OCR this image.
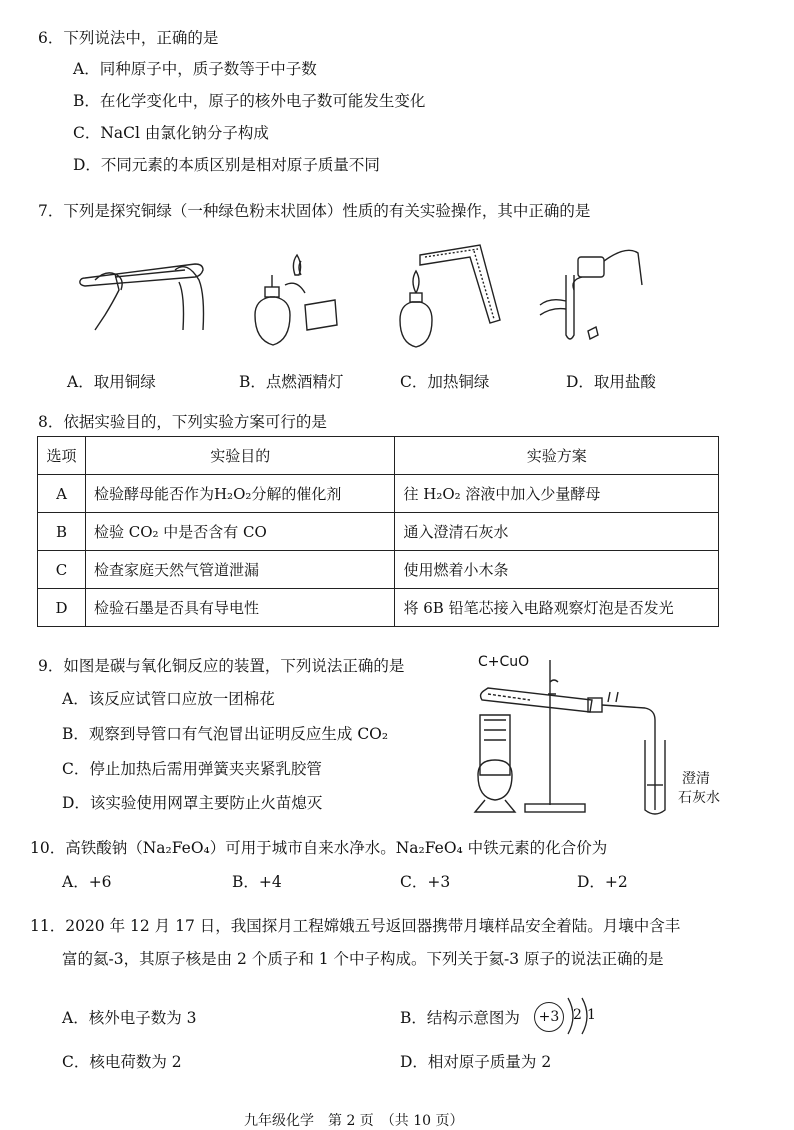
6．下列说法中，正确的是
A．同种原子中，质子数等于中子数
B．在化学变化中，原子的核外电子数可能发生变化
C．NaCl 由氯化钠分子构成
D．不同元素的本质区别是相对原子质量不同
7．下列是探究铜绿（一种绿色粉末状固体）性质的有关实验操作，其中正确的是
A．取用铜绿	B．点燃酒精灯	C．加热铜绿	D．取用盐酸
8．依据实验目的，下列实验方案可行的是
选项	实验目的	实验方案
A	检验酵母能否作为H₂O₂分解的催化剂	往 H₂O₂ 溶液中加入少量酵母
B	检验 CO₂ 中是否含有 CO	通入澄清石灰水
C	检查家庭天然气管道泄漏	使用燃着小木条
D	检验石墨是否具有导电性	将 6B 铅笔芯接入电路观察灯泡是否发光
9．如图是碳与氧化铜反应的装置，下列说法正确的是
A．该反应试管口应放一团棉花
B．观察到导管口有气泡冒出证明反应生成 CO₂
C．停止加热后需用弹簧夹夹紧乳胶管
D．该实验使用网罩主要防止火苗熄灭
C+CuO
澄清
石灰水
10．高铁酸钠（Na₂FeO₄）可用于城市自来水净水。Na₂FeO₄ 中铁元素的化合价为
A．+6	B．+4	C．+3	D．+2
11．2020 年 12 月 17 日，我国探月工程嫦娥五号返回器携带月壤样品安全着陆。月壤中含丰
富的氦-3，其原子核是由 2 个质子和 1 个中子构成。下列关于氦-3 原子的说法正确的是
A．核外电子数为 3	B．结构示意图为	+3 2 1
C．核电荷数为 2	D．相对原子质量为 2
九年级化学　第 2 页　（共 10 页）
